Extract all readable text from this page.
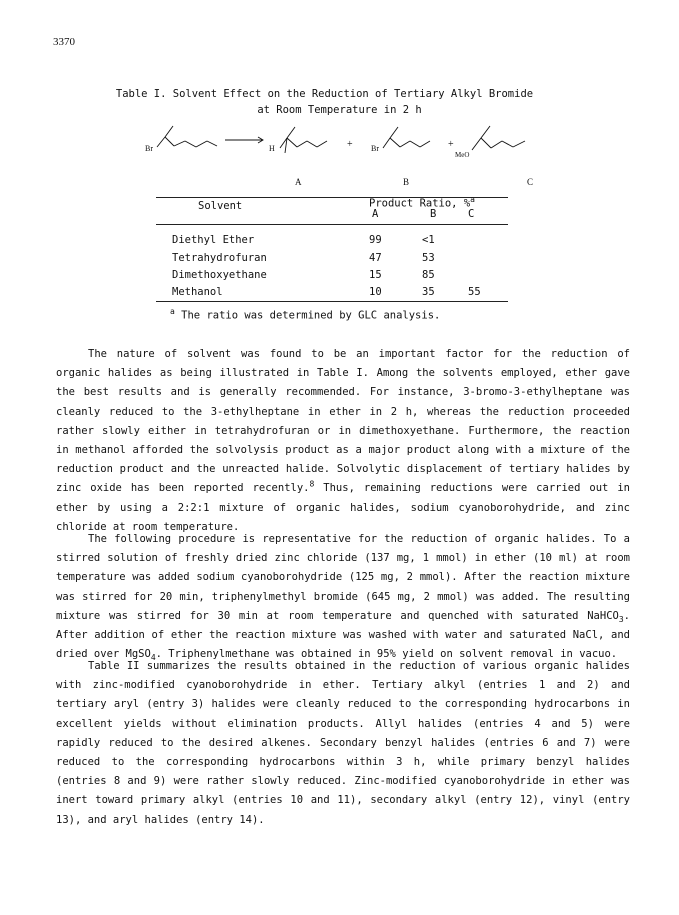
3370
Table I. Solvent Effect on the Reduction of Tertiary Alkyl Bromide
at Room Temperature in 2 h
Br	H	+ Br	+
MeO
A	B	C
Solvent	Product Ratio, %$^a$
A	B	C
Diethyl Ether	99	<1
Tetrahydrofuran	47	53
Dimethoxyethane	15	85
Methanol	10	35	55
$^a$ The ratio was determined by GLC analysis.

The nature of solvent was found to be an important factor for the reduction of organic halides as being illustrated in Table I. Among the solvents employed, ether gave the best results and is generally recommended. For instance, 3-bromo-3-ethylheptane was cleanly reduced to the 3-ethylheptane in ether in 2 h, whereas the reduction proceeded rather slowly either in tetrahydrofuran or in dimethoxyethane. Furthermore, the reaction in methanol afforded the solvolysis product as a major product along with a mixture of the reduction product and the unreacted halide. Solvolytic displacement of tertiary halides by zinc oxide has been reported recently.$^8$ Thus, remaining reductions were carried out in ether by using a 2:2:1 mixture of organic halides, sodium cyanoborohydride, and zinc chloride at room temperature.

The following procedure is representative for the reduction of organic halides. To a stirred solution of freshly dried zinc chloride (137 mg, 1 mmol) in ether (10 ml) at room temperature was added sodium cyanoborohydride (125 mg, 2 mmol). After the reaction mixture was stirred for 20 min, triphenylmethyl bromide (645 mg, 2 mmol) was added. The resulting mixture was stirred for 30 min at room temperature and quenched with saturated NaHCO$_3$. After addition of ether the reaction mixture was washed with water and saturated NaCl, and dried over MgSO$_4$. Triphenylmethane was obtained in 95% yield on solvent removal in vacuo.

Table II summarizes the results obtained in the reduction of various organic halides with zinc-modified cyanoborohydride in ether. Tertiary alkyl (entries 1 and 2) and tertiary aryl (entry 3) halides were cleanly reduced to the corresponding hydrocarbons in excellent yields without elimination products. Allyl halides (entries 4 and 5) were rapidly reduced to the desired alkenes. Secondary benzyl halides (entries 6 and 7) were reduced to the corresponding hydrocarbons within 3 h, while primary benzyl halides (entries 8 and 9) were rather slowly reduced. Zinc-modified cyanoborohydride in ether was inert toward primary alkyl (entries 10 and 11), secondary alkyl (entry 12), vinyl (entry 13), and aryl halides (entry 14).
